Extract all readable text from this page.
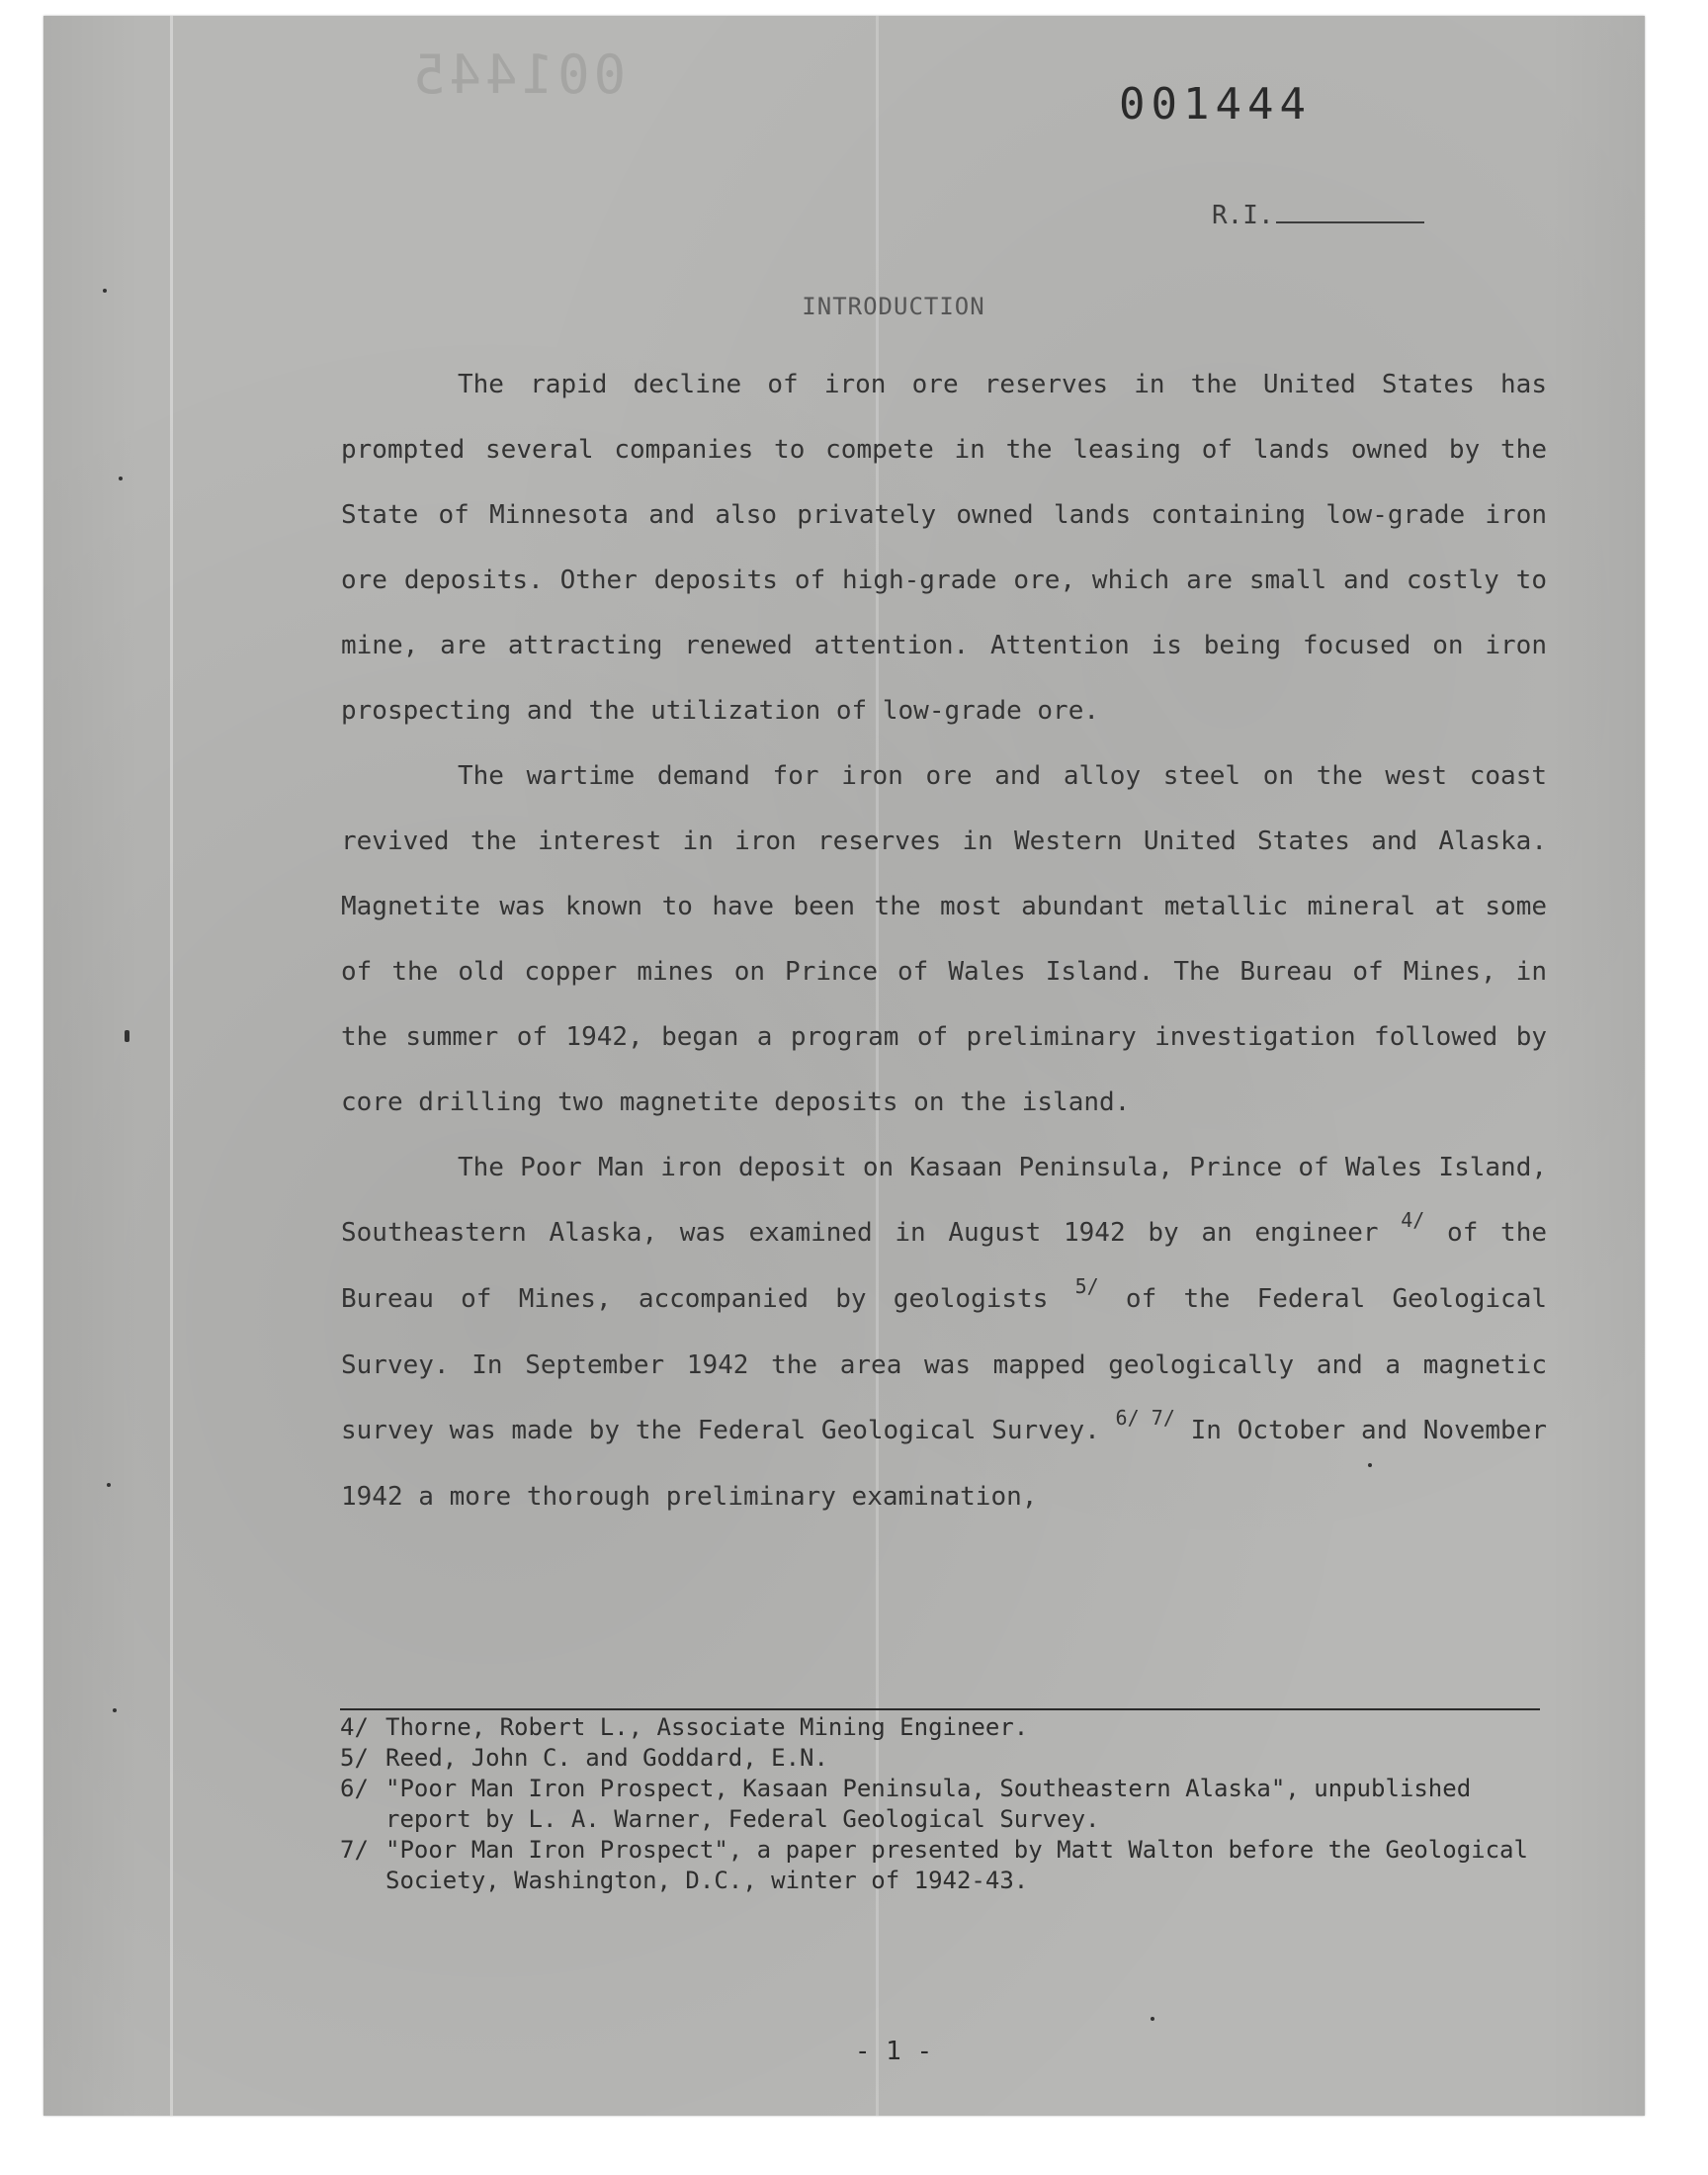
001445	001444
R.I.
INTRODUCTION

The rapid decline of iron ore reserves in the United States has prompted several companies to compete in the leasing of lands owned by the State of Minnesota and also privately owned lands containing low-grade iron ore deposits. Other deposits of high-grade ore, which are small and costly to mine, are attracting renewed attention. Attention is being focused on iron prospecting and the utilization of low-grade ore.

The wartime demand for iron ore and alloy steel on the west coast revived the interest in iron reserves in Western United States and Alaska. Magnetite was known to have been the most abundant metallic mineral at some of the old copper mines on Prince of Wales Island. The Bureau of Mines, in the summer of 1942, began a program of preliminary investigation followed by core drilling two magnetite deposits on the island.

The Poor Man iron deposit on Kasaan Peninsula, Prince of Wales Island, Southeastern Alaska, was examined in August 1942 by an engineer $^{4/}$ of the Bureau of Mines, accompanied by geologists $^{5/}$ of the Federal Geological Survey. In September 1942 the area was mapped geologically and a magnetic survey was made by the Federal Geological Survey. $^{6/ 7/}$ In October and November 1942 a more thorough preliminary examination,

4/ Thorne, Robert L., Associate Mining Engineer.

5/ Reed, John C. and Goddard, E.N.

6/ "Poor Man Iron Prospect, Kasaan Peninsula, Southeastern Alaska", unpublished report by L. A. Warner, Federal Geological Survey.

7/ "Poor Man Iron Prospect", a paper presented by Matt Walton before the Geological Society, Washington, D.C., winter of 1942-43.

- 1 -
